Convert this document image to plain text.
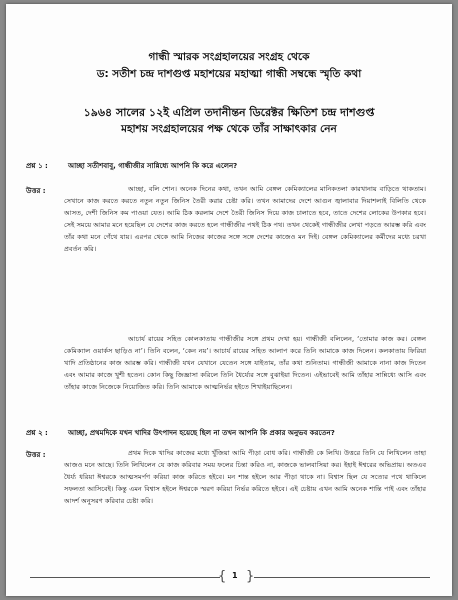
গান্ধী স্মারক সংগ্রহালয়ের সংগ্রহ থেকে
ড: সতীশ চন্দ্র দাশগুপ্ত মহাশয়ের মহাত্মা গান্ধী সম্বন্ধে স্মৃতি কথা
১৯৬৪ সালের ১২ই এপ্রিল তদানীন্তন ডিরেক্টর ক্ষিতিশ চন্দ্র দাশগুপ্ত
মহাশয় সংগ্রহালয়ের পক্ষ থেকে তাঁর সাক্ষাৎকার নেন
প্রশ্ন ১ :	আচ্ছা সতীশবাবু, গান্ধীজীর সান্নিধ্যে আপনি কি করে এলেন?
উত্তর :	আচ্ছা, বলি শোন। অনেক দিনের কথা, তখন আমি বেঙ্গল কেমিক্যালের মানিকতলা কারখানায় বাড়িতে থাকতাম। সেখানে কাজ করতে করতে নতুন নতুন জিনিস তৈরী করার চেষ্টা করি। তখন আমাদের দেশে আগুন জ্বালাবার দিয়াশলাই বিলিতি থেকে আসত, দেশী জিনিস কম পাওয়া যেত। আমি ঠিক করলাম দেশে তৈরী জিনিস দিয়ে কাজ চালাতে হবে, তাতে দেশের লোকের উপকার হবে। সেই সময়ে আমার মনে হয়েছিল যে দেশের কাজ করতে হলে গান্ধীজীর পথই ঠিক পথ। তখন থেকেই গান্ধীজীর লেখা পড়তে আরম্ভ করি এবং তাঁর কথা মনে গেঁথে যায়। এরপর থেকে আমি নিজের কাজের সঙ্গে সঙ্গে দেশের কাজেও মন দিই। বেঙ্গল কেমিক্যালের কর্মীদের মধ্যে চরখা প্রবর্তন করি।

আচার্য রায়ের সহিত কোলকাতায় গান্ধীজীর সঙ্গে প্রথম দেখা হয়। গান্ধীজী বলিলেন, ‘তোমার কাজ কর। বেঙ্গল কেমিক্যাল ওয়ার্কস ছাড়িও না’। তিনি বলেন, ‘কেন নয়’। আচার্য রায়ের সহিত আলাপ করে তিনি আমাকে কাজ দিলেন। কলকাতায় ফিরিয়া খাদি প্রতিষ্ঠানের কাজ আরম্ভ করি। গান্ধীজী যখন যেখানে যেতেন সঙ্গে যাইতাম, তাঁর কথা শুনিতাম। গান্ধীজী আমাকে নানা কাজ দিতেন এবং আমার কাজে খুশী হতেন। কোন কিছু জিজ্ঞাসা করিলে তিনি ধৈর্য্যের সঙ্গে বুঝাইয়া দিতেন। এইভাবেই আমি তাঁহার সান্নিধ্যে আসি এবং তাঁহার কাজে নিজেকে নিয়োজিত করি। তিনি আমাকে আত্মনির্ভর হইতে শিখাইয়াছিলেন।

প্রশ্ন ২ :	আচ্ছা, প্রথমদিকে যখন খাদির উৎপাদন হয়েছে ছিল না তখন আপনি কি প্রকার অনুভব করতেন?
উত্তর :	প্রথম দিকে খাদির কাজের মধ্যে খুঁজিয়া আমি পীড়া বোধ করি। গান্ধীজী কে লিখি। উত্তরে তিনি যে লিখিলেন তাহা আজও মনে আছে। তিনি লিখিলেন যে কাজ করিবার সময় ফলের চিন্তা করিও না, কাজকে ভালবাসিয়া কর। ইহাই ঈশ্বরের অভিপ্রায়। অতএব ধৈর্য্য ধরিয়া ঈশ্বরকে আত্মসমর্পণ করিয়া কাজ করিতে হইবে। মন শান্ত হইলে আর পীড়া থাকে না। বিশ্বাস ছিল যে সত্যের পথে থাকিলে সফলতা আসিবেই। কিন্তু এমন বিশ্বাস হইলে ঈশ্বরকে স্মরণ করিয়া নির্ভর করিতে হইবে। এই চেষ্টায় এখন আমি অনেক শান্তি পাই এবং তাঁহার আদর্শ অনুসরণ করিবার চেষ্টা করি।

{ 1 }
